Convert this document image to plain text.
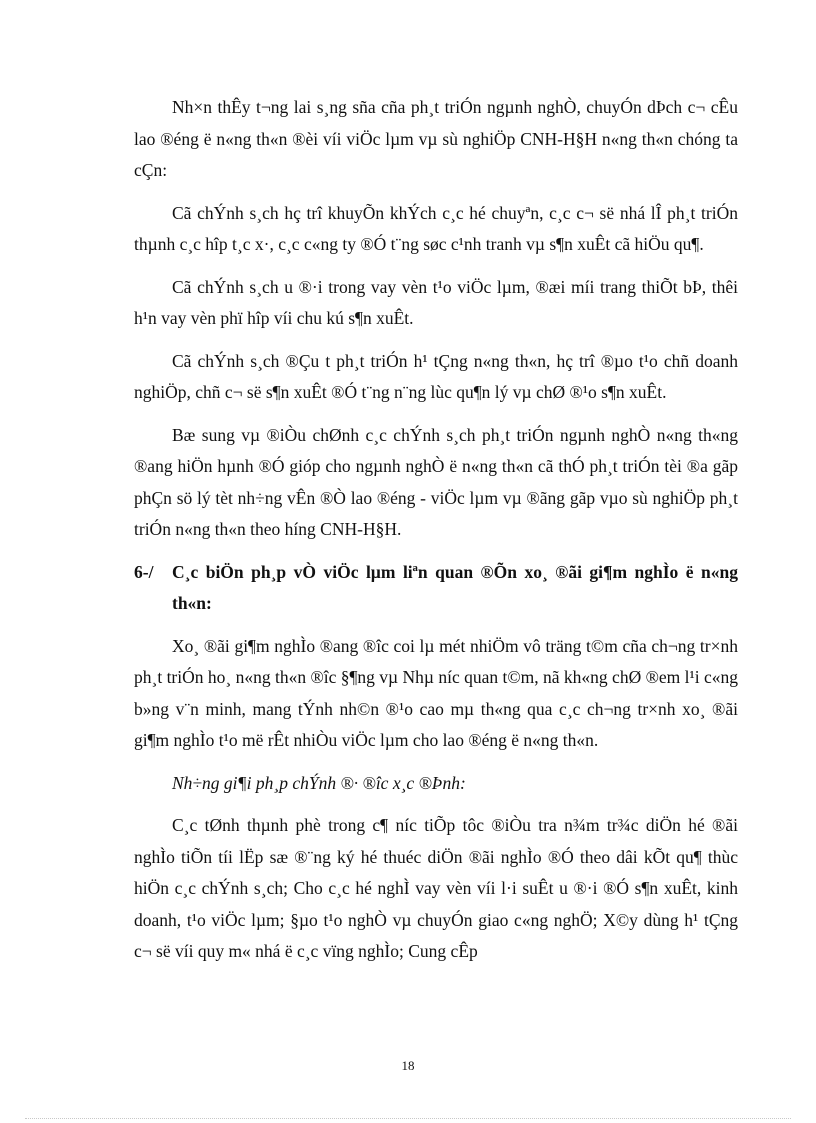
Nh×n thÊy t¬ng lai s¸ng sña cña ph¸t triÓn ngµnh nghÒ, chuyÓn dÞch c¬ cÊu lao ®éng ë n«ng th«n ®èi víi viÖc lµm vµ sù nghiÖp CNH-H§H n«ng th«n chóng ta cÇn:

Cã chÝnh s¸ch hç trî khuyÕn khÝch c¸c hé chuyªn, c¸c c¬ së nhá lÎ ph¸t triÓn thµnh c¸c hîp t¸c x·, c¸c c«ng ty ®Ó t¨ng søc c¹nh tranh vµ s¶n xuÊt cã hiÖu qu¶.

Cã chÝnh s¸ch u ®·i trong vay vèn t¹o viÖc lµm, ®æi míi trang thiÕt bÞ, thêi h¹n vay vèn phï hîp víi chu kú s¶n xuÊt.

Cã chÝnh s¸ch ®Çu t ph¸t triÓn h¹ tÇng n«ng th«n, hç trî ®µo t¹o chñ doanh nghiÖp, chñ c¬ së s¶n xuÊt ®Ó t¨ng n¨ng lùc qu¶n lý vµ chØ ®¹o s¶n xuÊt.

Bæ sung vµ ®iÒu chØnh c¸c chÝnh s¸ch ph¸t triÓn ngµnh nghÒ n«ng th«ng ®ang hiÖn hµnh ®Ó gióp cho ngµnh nghÒ ë n«ng th«n cã thÓ ph¸t triÓn tèi ®a gãp phÇn sö lý tèt nh÷ng vÊn ®Ò lao ®éng - viÖc lµm vµ ®ãng gãp vµo sù nghiÖp ph¸t triÓn n«ng th«n theo híng CNH-H§H.

6-/	C¸c biÖn ph¸p vÒ viÖc lµm liªn quan ®Õn xo¸ ®ãi gi¶m nghÌo ë n«ng th«n:

Xo¸ ®ãi gi¶m nghÌo ®ang ®îc coi lµ mét nhiÖm vô träng t©m cña ch¬ng tr×nh ph¸t triÓn ho¸ n«ng th«n ®îc §¶ng vµ Nhµ níc quan t©m, nã kh«ng chØ ®em l¹i c«ng b»ng v¨n minh, mang tÝnh nh©n ®¹o cao mµ th«ng qua c¸c ch¬ng tr×nh xo¸ ®ãi gi¶m nghÌo t¹o më rÊt nhiÒu viÖc lµm cho lao ®éng ë n«ng th«n.

Nh÷ng gi¶i ph¸p chÝnh ®· ®îc x¸c ®Þnh:

C¸c tØnh thµnh phè trong c¶ níc tiÕp tôc ®iÒu tra n¾m tr¾c diÖn hé ®ãi nghÌo tiÕn tíi lËp sæ ®¨ng ký hé thuéc diÖn ®ãi nghÌo ®Ó theo dâi kÕt qu¶ thùc hiÖn c¸c chÝnh s¸ch; Cho c¸c hé nghÌ vay vèn víi l·i suÊt u ®·i ®Ó s¶n xuÊt, kinh doanh, t¹o viÖc lµm; §µo t¹o nghÒ vµ chuyÓn giao c«ng nghÖ; X©y dùng h¹ tÇng c¬ së víi quy m« nhá ë c¸c vïng nghÌo; Cung cÊp

18
